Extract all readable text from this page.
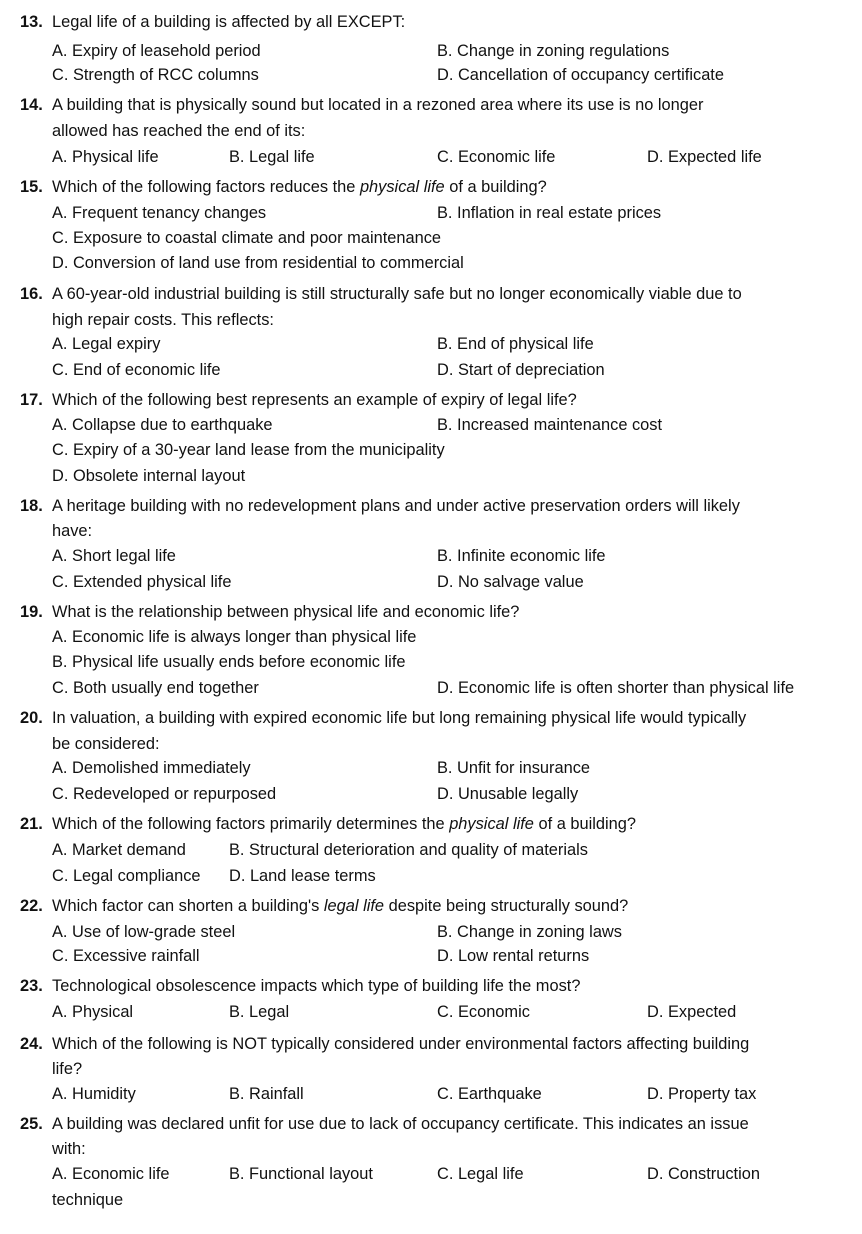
13. Legal life of a building is affected by all EXCEPT:
A. Expiry of leasehold period	B. Change in zoning regulations
C. Strength of RCC columns	D. Cancellation of occupancy certificate
14. A building that is physically sound but located in a rezoned area where its use is no longer
allowed has reached the end of its:
A. Physical life	B. Legal life	C. Economic life	D. Expected life
15. Which of the following factors reduces the physical life of a building?
A. Frequent tenancy changes	B. Inflation in real estate prices
C. Exposure to coastal climate and poor maintenance
D. Conversion of land use from residential to commercial
16. A 60-year-old industrial building is still structurally safe but no longer economically viable due to
high repair costs. This reflects:
A. Legal expiry	B. End of physical life
C. End of economic life	D. Start of depreciation
17. Which of the following best represents an example of expiry of legal life?
A. Collapse due to earthquake	B. Increased maintenance cost
C. Expiry of a 30-year land lease from the municipality
D. Obsolete internal layout
18. A heritage building with no redevelopment plans and under active preservation orders will likely
have:
A. Short legal life	B. Infinite economic life
C. Extended physical life	D. No salvage value
19. What is the relationship between physical life and economic life?
A. Economic life is always longer than physical life
B. Physical life usually ends before economic life
C. Both usually end together	D. Economic life is often shorter than physical life
20. In valuation, a building with expired economic life but long remaining physical life would typically
be considered:
A. Demolished immediately	B. Unfit for insurance
C. Redeveloped or repurposed	D. Unusable legally
21. Which of the following factors primarily determines the physical life of a building?
A. Market demand	B. Structural deterioration and quality of materials
C. Legal compliance D. Land lease terms
22. Which factor can shorten a building's legal life despite being structurally sound?
A. Use of low-grade steel	B. Change in zoning laws
C. Excessive rainfall	D. Low rental returns
23. Technological obsolescence impacts which type of building life the most?
A. Physical	B. Legal	C. Economic	D. Expected
24. Which of the following is NOT typically considered under environmental factors affecting building
life?
A. Humidity	B. Rainfall	C. Earthquake	D. Property tax
25. A building was declared unfit for use due to lack of occupancy certificate. This indicates an issue
with:
A. Economic life	B. Functional layout	C. Legal life	D. Construction
technique
